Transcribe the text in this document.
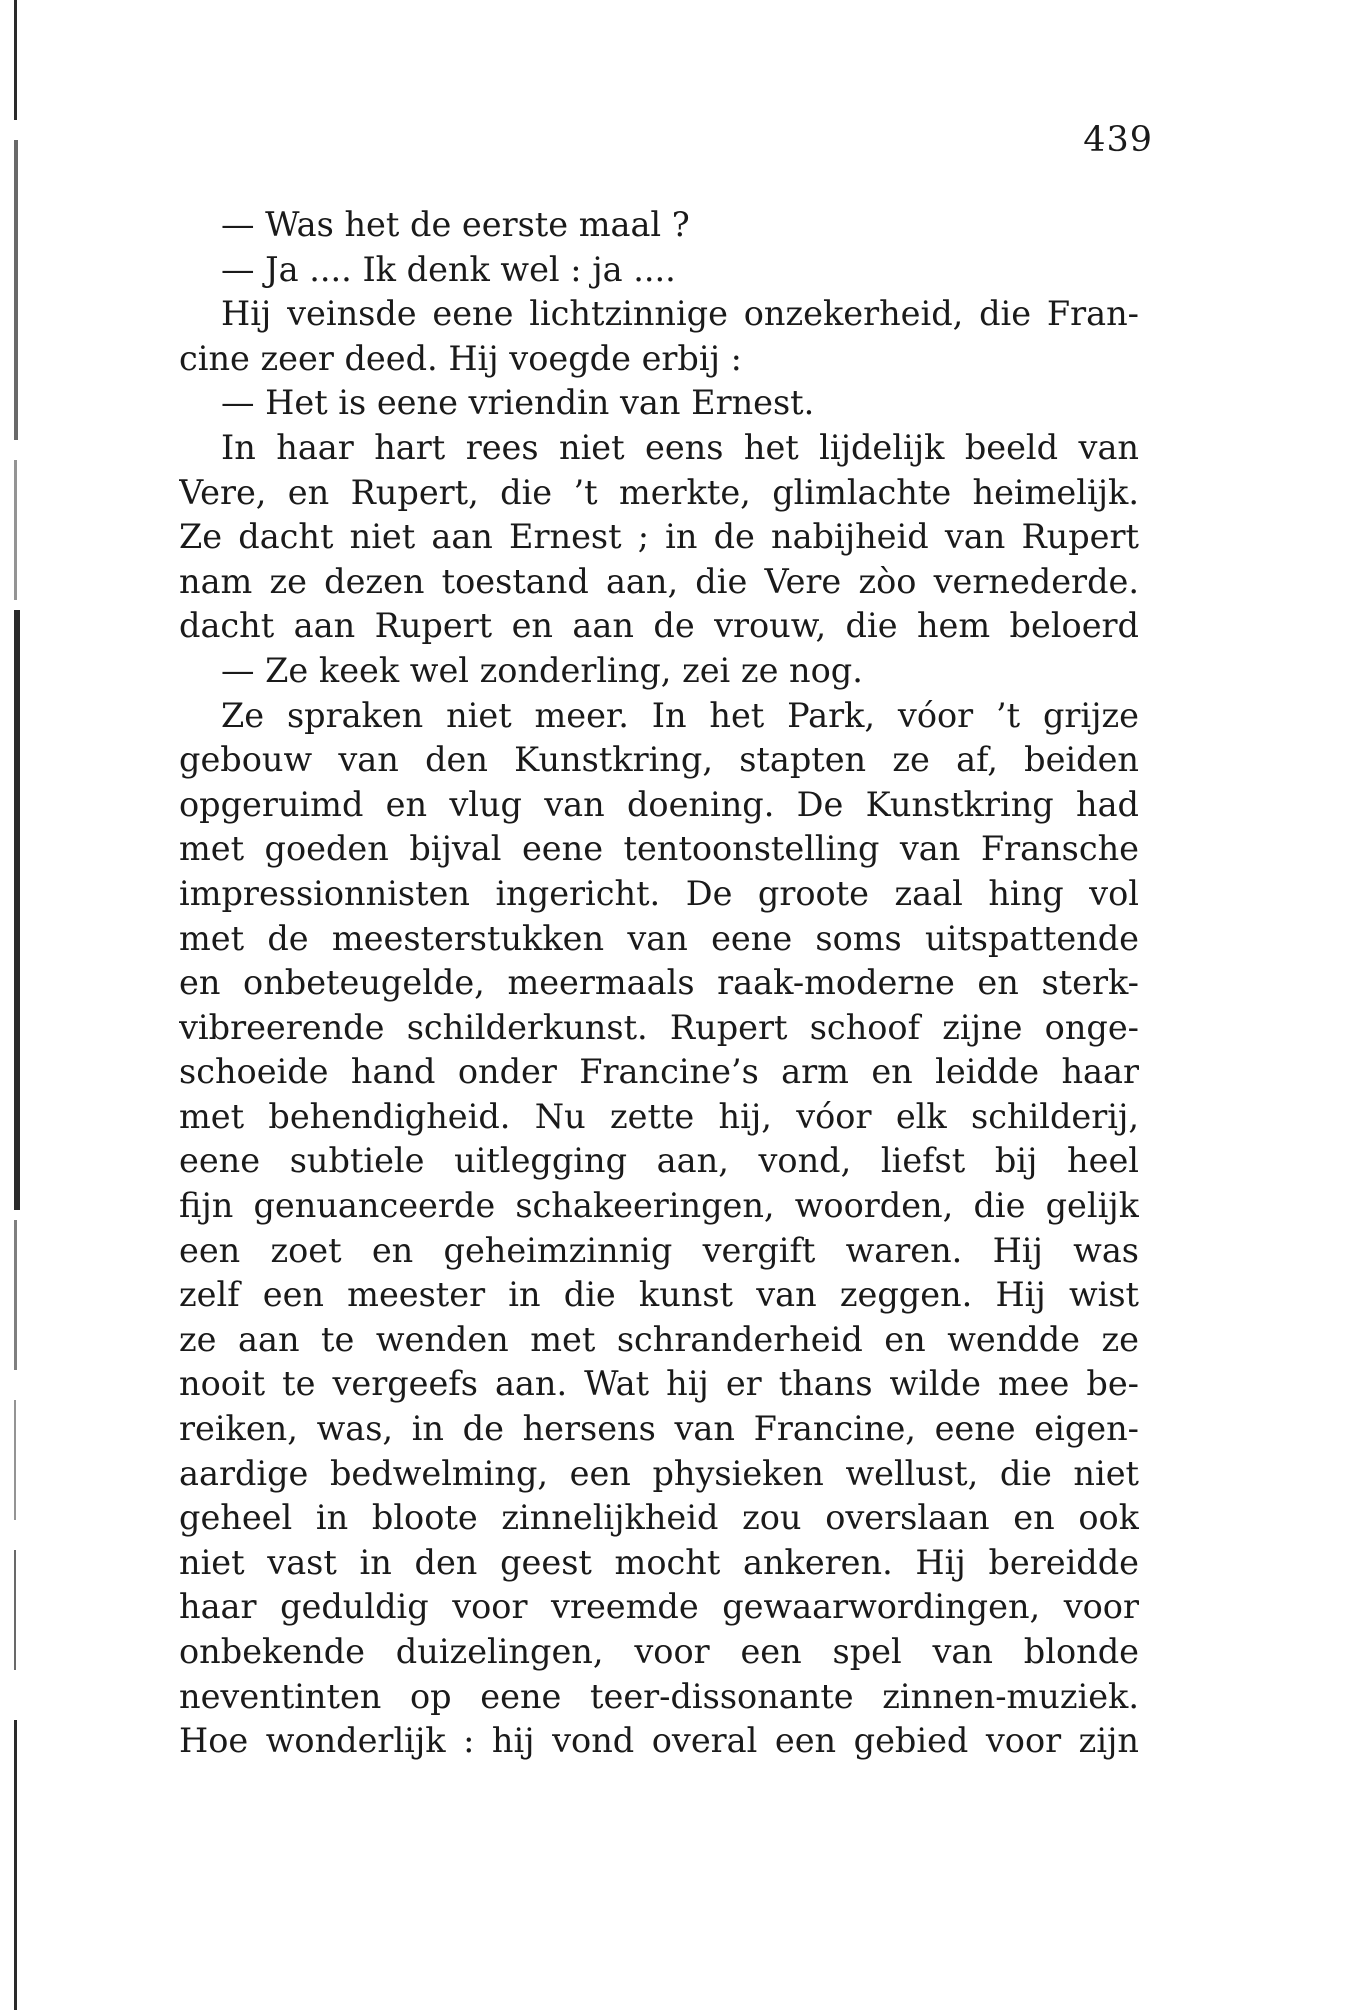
439
— Was het de eerste maal ?
— Ja .... Ik denk wel : ja ....
Hij veinsde eene lichtzinnige onzekerheid, die Fran-
cine zeer deed. Hij voegde erbij :
— Het is eene vriendin van Ernest.
In haar hart rees niet eens het lijdelijk beeld van
Vere, en Rupert, die ’t merkte, glimlachte heimelijk.
Ze dacht niet aan Ernest ; in de nabijheid van Rupert
nam ze dezen toestand aan, die Vere zòo vernederde.
dacht aan Rupert en aan de vrouw, die hem beloerd
— Ze keek wel zonderling, zei ze nog.
Ze spraken niet meer. In het Park, vóor ’t grijze
gebouw van den Kunstkring, stapten ze af, beiden
opgeruimd en vlug van doening. De Kunstkring had
met goeden bijval eene tentoonstelling van Fransche
impressionnisten ingericht. De groote zaal hing vol
met de meesterstukken van eene soms uitspattende
en onbeteugelde, meermaals raak-moderne en sterk-
vibreerende schilderkunst. Rupert schoof zijne onge-
schoeide hand onder Francine’s arm en leidde haar
met behendigheid. Nu zette hij, vóor elk schilderij,
eene subtiele uitlegging aan, vond, liefst bij heel
fijn genuanceerde schakeeringen, woorden, die gelijk
een zoet en geheimzinnig vergift waren. Hij was
zelf een meester in die kunst van zeggen. Hij wist
ze aan te wenden met schranderheid en wendde ze
nooit te vergeefs aan. Wat hij er thans wilde mee be-
reiken, was, in de hersens van Francine, eene eigen-
aardige bedwelming, een physieken wellust, die niet
geheel in bloote zinnelijkheid zou overslaan en ook
niet vast in den geest mocht ankeren. Hij bereidde
haar geduldig voor vreemde gewaarwordingen, voor
onbekende duizelingen, voor een spel van blonde
neventinten op eene teer-dissonante zinnen-muziek.
Hoe wonderlijk : hij vond overal een gebied voor zijn
